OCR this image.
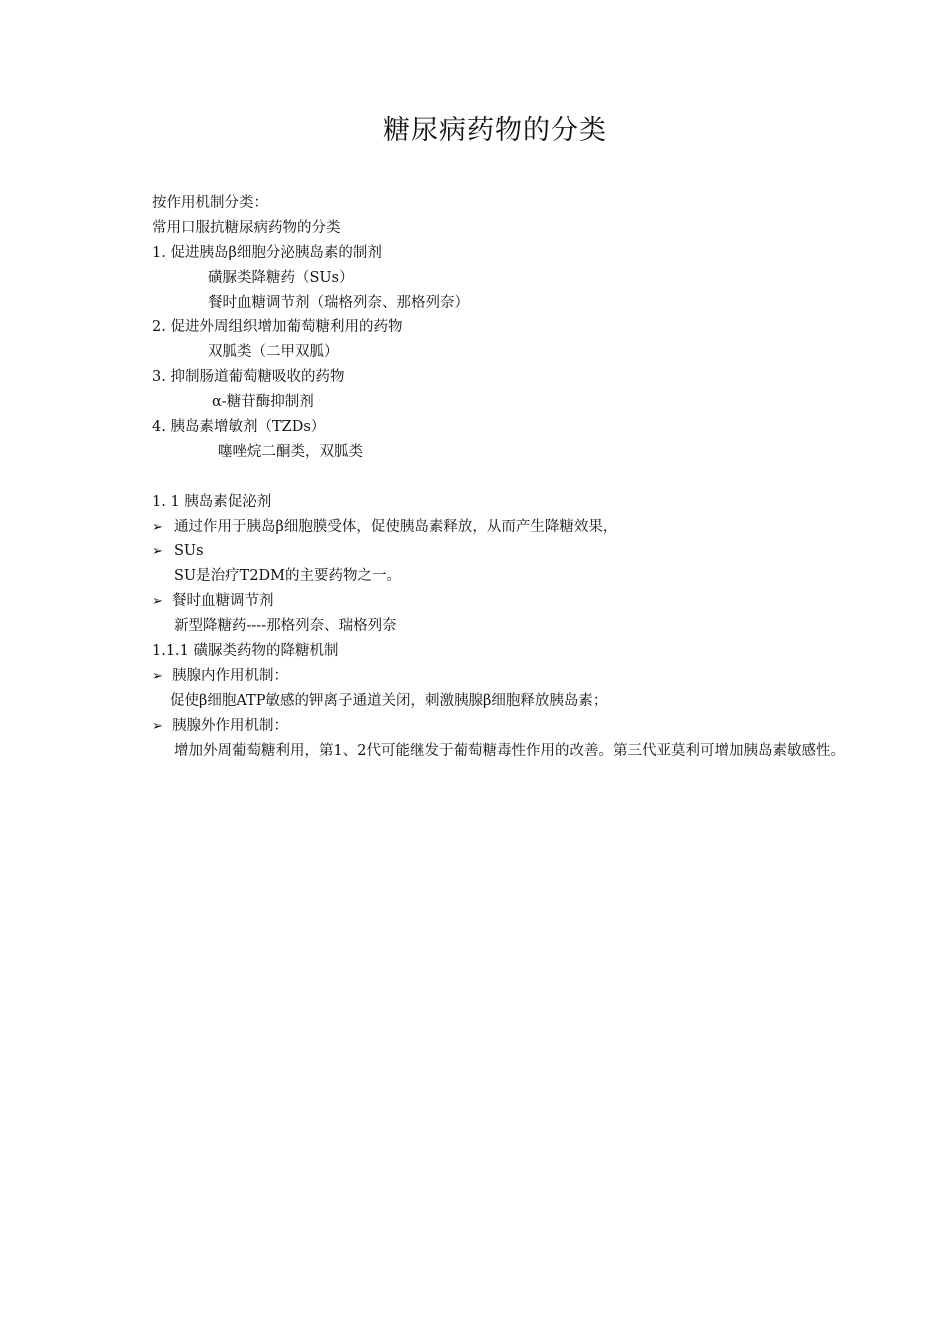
糖尿病药物的分类
按作用机制分类：
常用口服抗糖尿病药物的分类
1. 促进胰岛β细胞分泌胰岛素的制剂
磺脲类降糖药（SUs）
餐时血糖调节剂（瑞格列奈、那格列奈）
2. 促进外周组织增加葡萄糖利用的药物
双胍类（二甲双胍）
3. 抑制肠道葡萄糖吸收的药物
α-糖苷酶抑制剂
4. 胰岛素增敏剂（TZDs）
噻唑烷二酮类，双胍类
1. 1 胰岛素促泌剂
➢ 通过作用于胰岛β细胞膜受体，促使胰岛素释放，从而产生降糖效果，
➢ SUs
SU是治疗T2DM的主要药物之一。
➢ 餐时血糖调节剂
新型降糖药----那格列奈、瑞格列奈
1.1.1 磺脲类药物的降糖机制
➢ 胰腺内作用机制：
促使β细胞ATP敏感的钾离子通道关闭，刺激胰腺β细胞释放胰岛素；
➢ 胰腺外作用机制：
增加外周葡萄糖利用，第1、2代可能继发于葡萄糖毒性作用的改善。第三代亚莫利可增加胰岛素敏感性。
